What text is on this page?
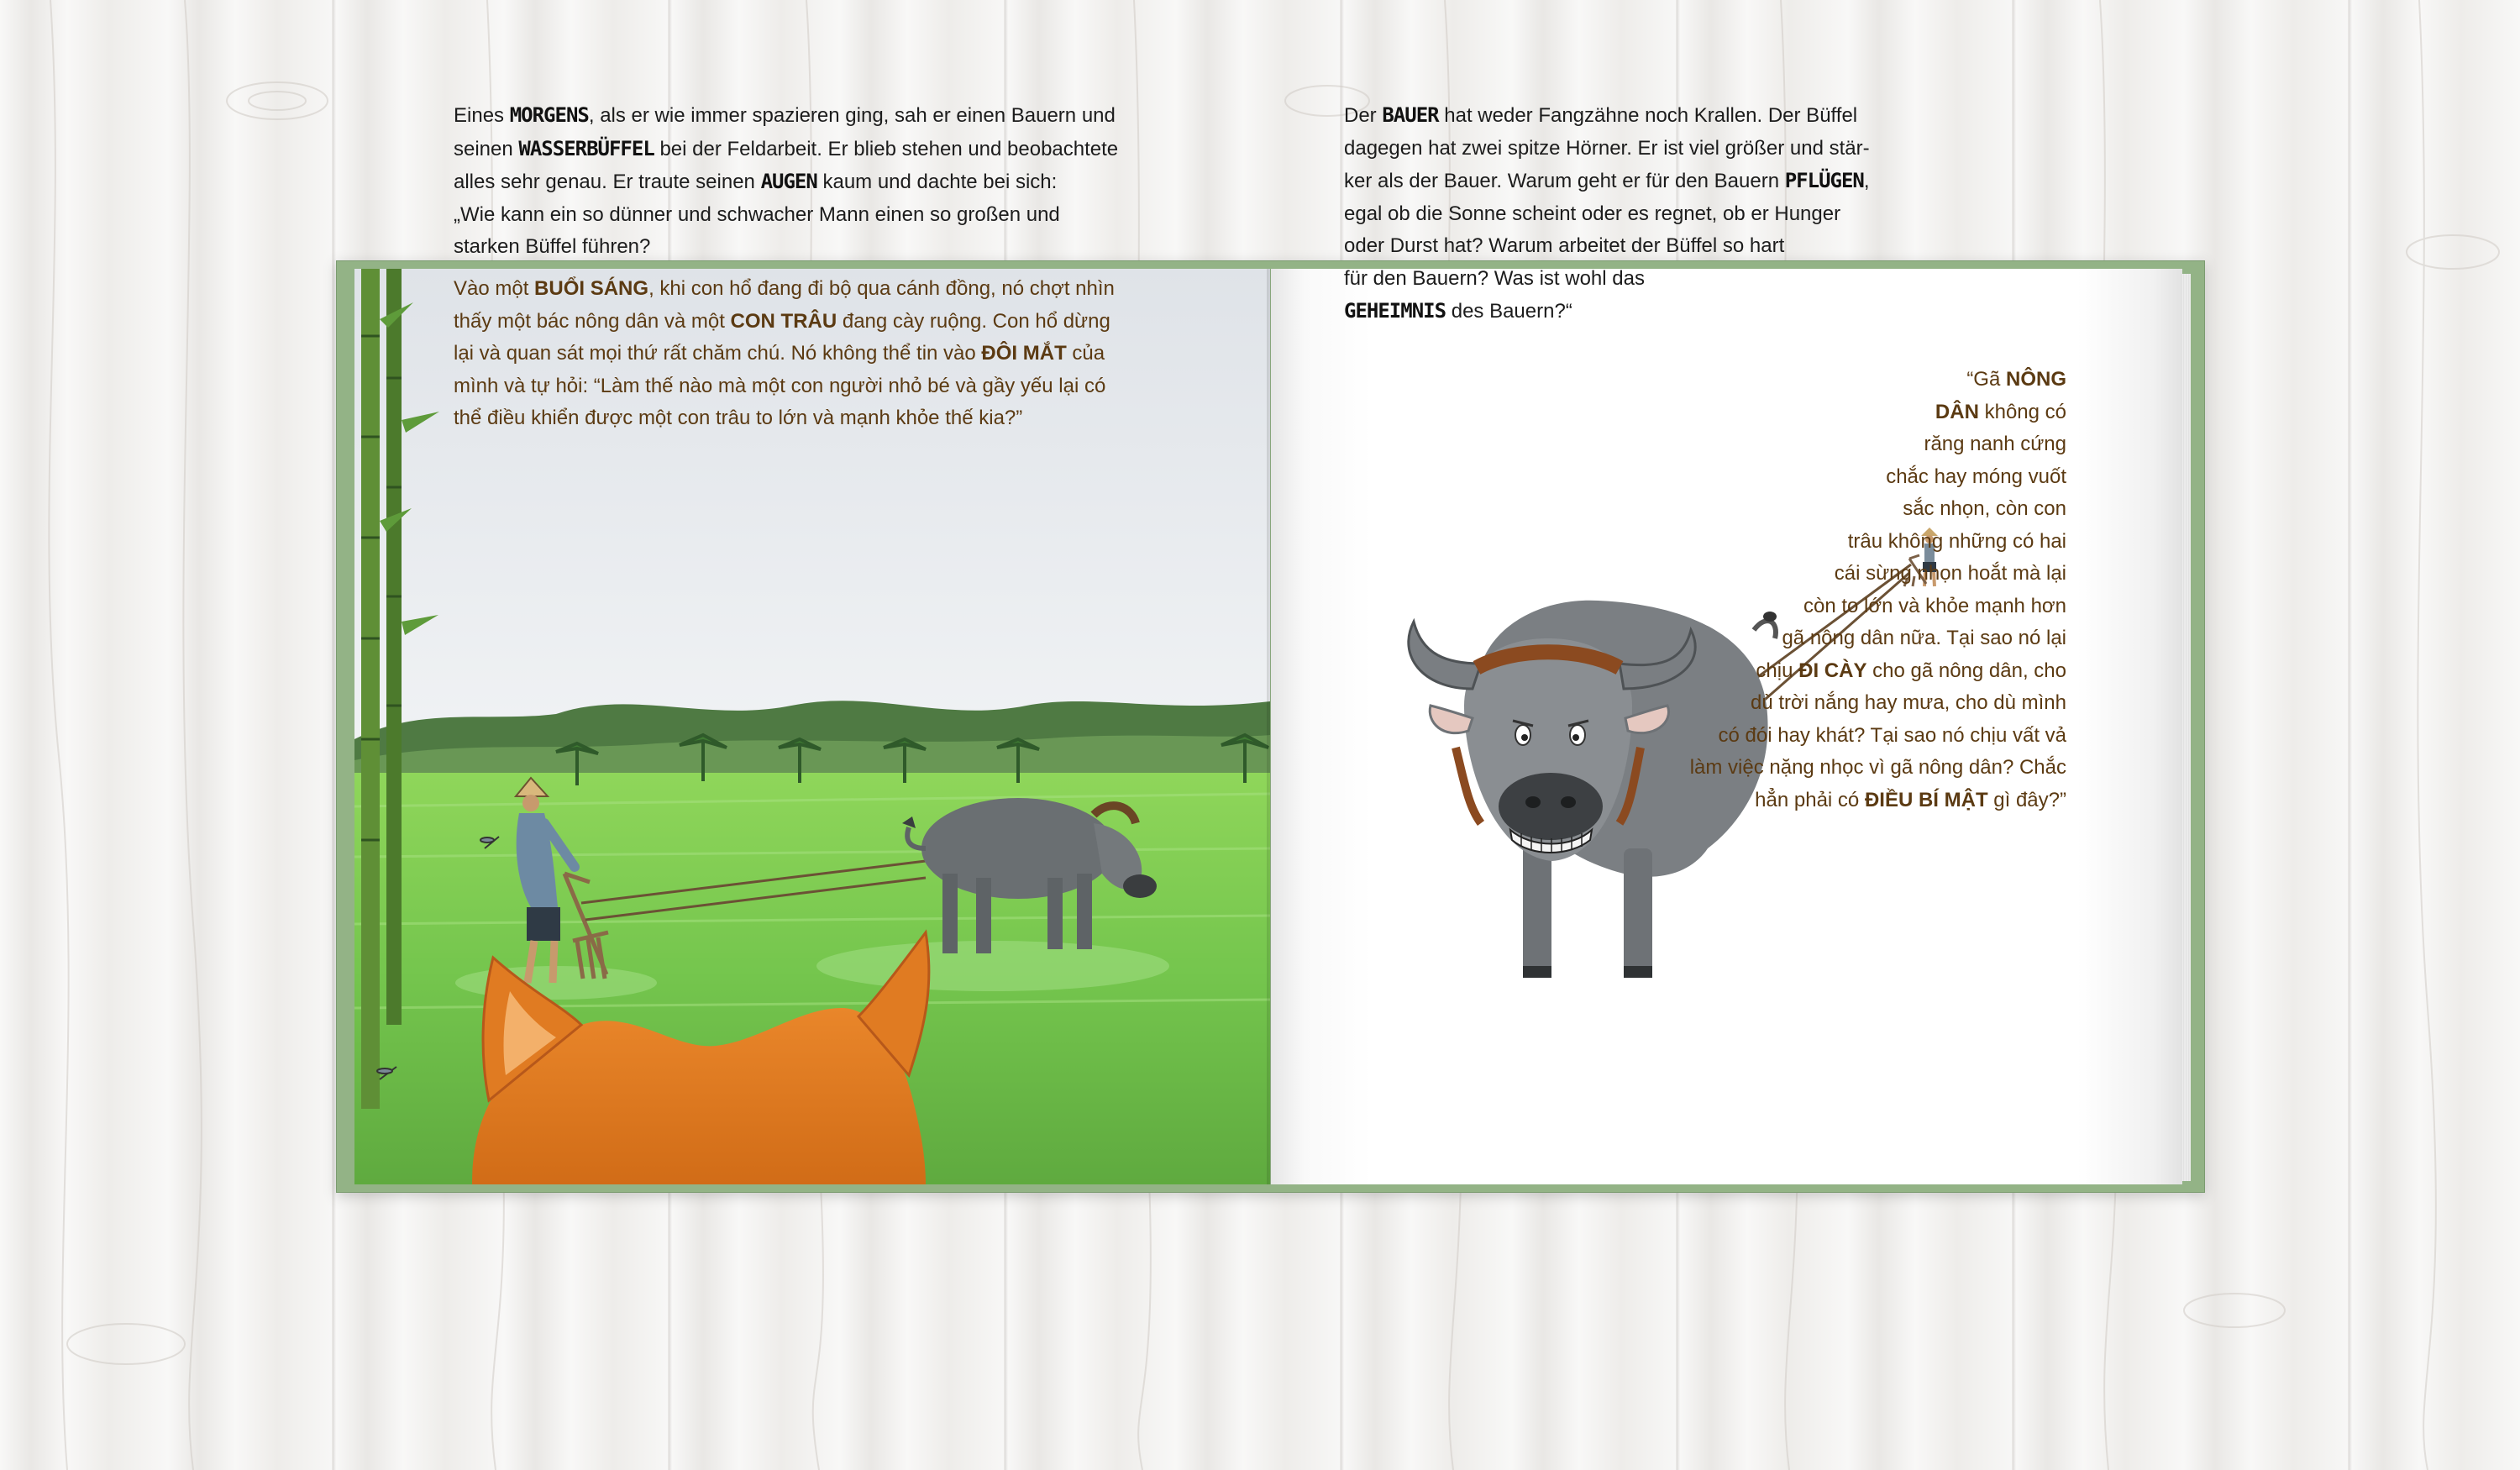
Eines MORGENS, als er wie immer spazieren ging, sah er einen Bauern und
seinen WASSERBÜFFEL bei der Feldarbeit. Er blieb stehen und beobachtete
alles sehr genau. Er traute seinen AUGEN kaum und dachte bei sich:
„Wie kann ein so dünner und schwacher Mann einen so großen und
starken Büffel führen?
Vào một BUỔI SÁNG, khi con hổ đang đi bộ qua cánh đồng, nó chợt nhìn
thấy một bác nông dân và một CON TRÂU đang cày ruộng. Con hổ dừng
lại và quan sát mọi thứ rất chăm chú. Nó không thể tin vào ĐÔI MẮT của
mình và tự hỏi: “Làm thế nào mà một con người nhỏ bé và gầy yếu lại có
thể điều khiển được một con trâu to lớn và mạnh khỏe thế kia?”
Der BAUER hat weder Fangzähne noch Krallen. Der Büffel
dagegen hat zwei spitze Hörner. Er ist viel größer und stär-
ker als der Bauer. Warum geht er für den Bauern PFLÜGEN,
egal ob die Sonne scheint oder es regnet, ob er Hunger
oder Durst hat? Warum arbeitet der Büffel so hart
für den Bauern? Was ist wohl das
GEHEIMNIS des Bauern?“
“Gã NÔNG
DÂN không có
răng nanh cứng
chắc hay móng vuốt
sắc nhọn, còn con
trâu không những có hai
cái sừng nhọn hoắt mà lại
còn to lớn và khỏe mạnh hơn
gã nông dân nữa. Tại sao nó lại
chịu ĐI CÀY cho gã nông dân, cho
dù trời nắng hay mưa, cho dù mình
có đói hay khát? Tại sao nó chịu vất vả
làm việc nặng nhọc vì gã nông dân? Chắc
hẳn phải có ĐIỀU BÍ MẬT gì đây?”
